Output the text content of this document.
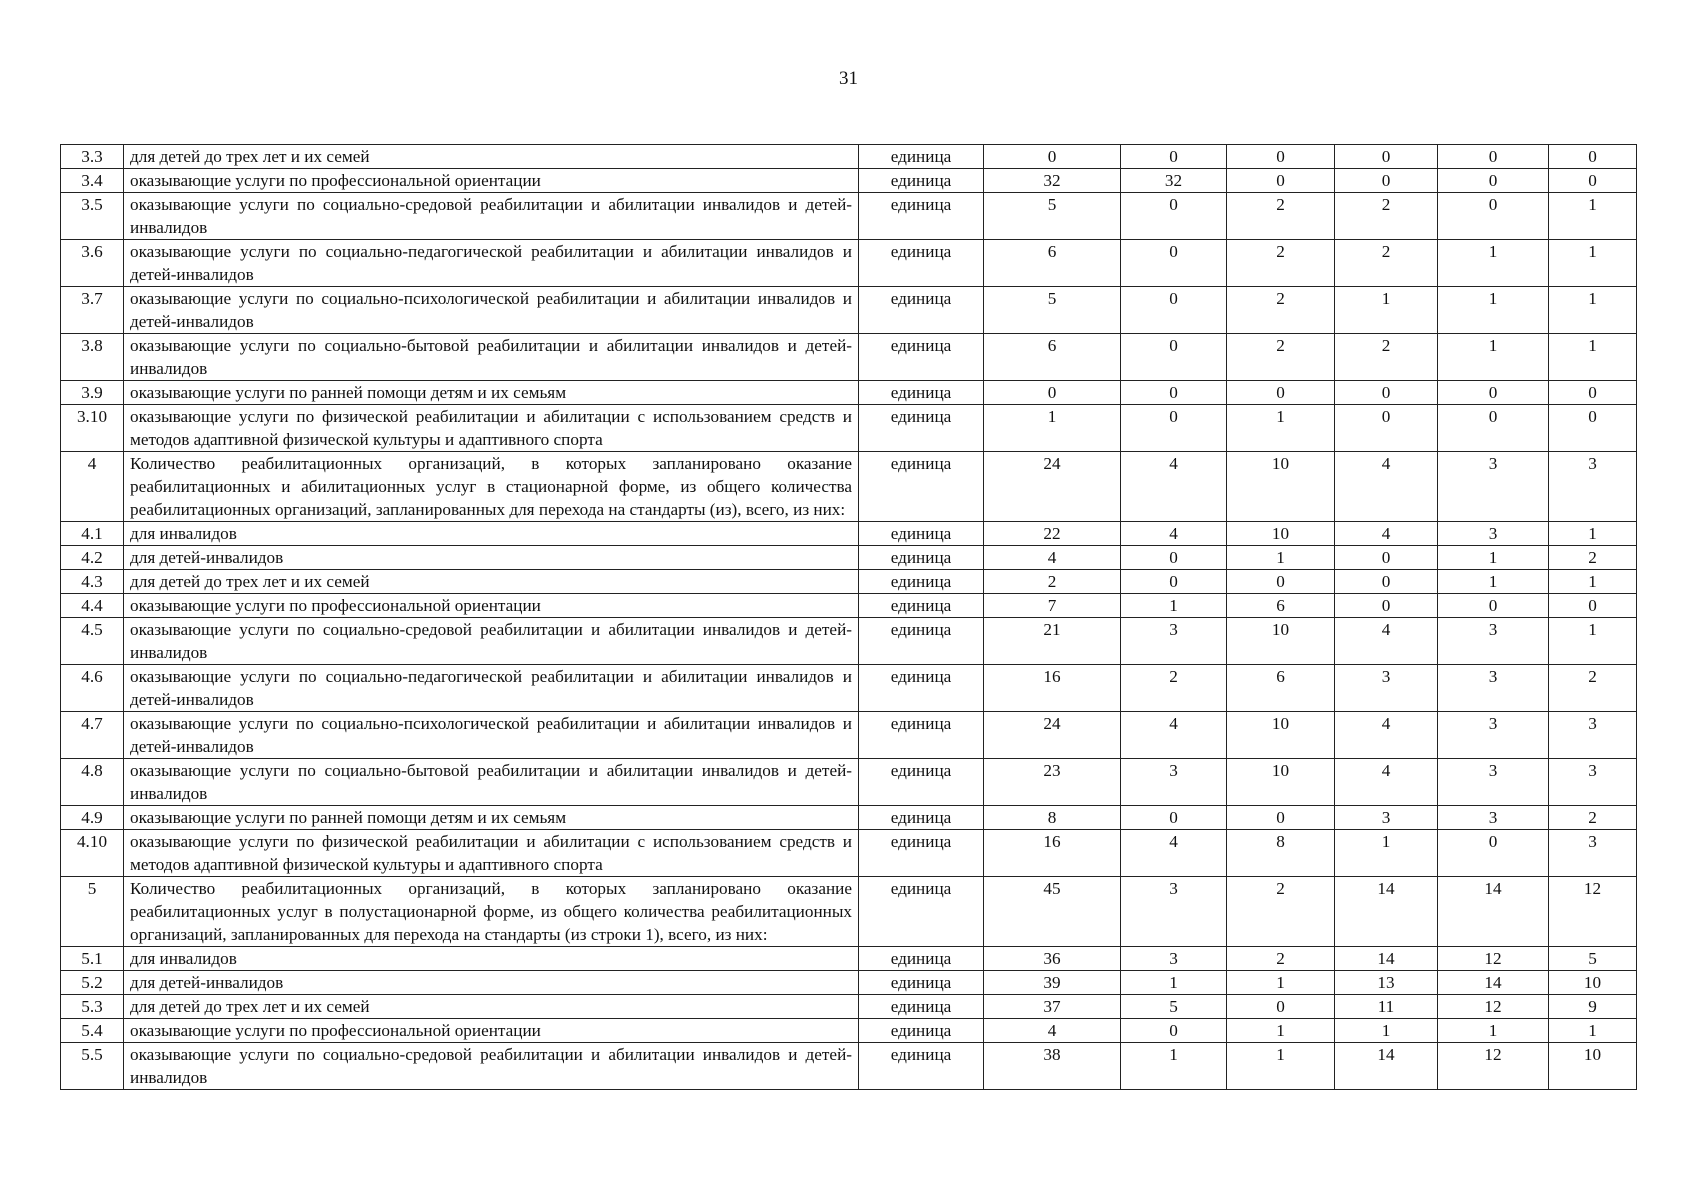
31
3.3	для детей до трех лет и их семей	единица	0	0	0	0	0	0
3.4	оказывающие услуги по профессиональной ориентации	единица	32	32	0	0	0	0
3.5	оказывающие услуги по социально-средовой реабилитации и абилитации инвалидов и детей-инвалидов	единица	5	0	2	2	0	1
3.6	оказывающие услуги по социально-педагогической реабилитации и абилитации инвалидов и детей-инвалидов	единица	6	0	2	2	1	1
3.7	оказывающие услуги по социально-психологической реабилитации и абилитации инвалидов и детей-инвалидов	единица	5	0	2	1	1	1
3.8	оказывающие услуги по социально-бытовой реабилитации и абилитации инвалидов и детей-инвалидов	единица	6	0	2	2	1	1
3.9	оказывающие услуги по ранней помощи детям и их семьям	единица	0	0	0	0	0	0
3.10	оказывающие услуги по физической реабилитации и абилитации с использованием средств и методов адаптивной физической культуры и адаптивного спорта	единица	1	0	1	0	0	0
4	Количество реабилитационных организаций, в которых запланировано оказание реабилитационных и абилитационных услуг в стационарной форме, из общего количества реабилитационных организаций, запланированных для перехода на стандарты (из), всего, из них:	единица	24	4	10	4	3	3
4.1	для инвалидов	единица	22	4	10	4	3	1
4.2	для детей-инвалидов	единица	4	0	1	0	1	2
4.3	для детей до трех лет и их семей	единица	2	0	0	0	1	1
4.4	оказывающие услуги по профессиональной ориентации	единица	7	1	6	0	0	0
4.5	оказывающие услуги по социально-средовой реабилитации и абилитации инвалидов и детей-инвалидов	единица	21	3	10	4	3	1
4.6	оказывающие услуги по социально-педагогической реабилитации и абилитации инвалидов и детей-инвалидов	единица	16	2	6	3	3	2
4.7	оказывающие услуги по социально-психологической реабилитации и абилитации инвалидов и детей-инвалидов	единица	24	4	10	4	3	3
4.8	оказывающие услуги по социально-бытовой реабилитации и абилитации инвалидов и детей-инвалидов	единица	23	3	10	4	3	3
4.9	оказывающие услуги по ранней помощи детям и их семьям	единица	8	0	0	3	3	2
4.10	оказывающие услуги по физической реабилитации и абилитации с использованием средств и методов адаптивной физической культуры и адаптивного спорта	единица	16	4	8	1	0	3
5	Количество реабилитационных организаций, в которых запланировано оказание реабилитационных услуг в полустационарной форме, из общего количества реабилитационных организаций, запланированных для перехода на стандарты (из строки 1), всего, из них:	единица	45	3	2	14	14	12
5.1	для инвалидов	единица	36	3	2	14	12	5
5.2	для детей-инвалидов	единица	39	1	1	13	14	10
5.3	для детей до трех лет и их семей	единица	37	5	0	11	12	9
5.4	оказывающие услуги по профессиональной ориентации	единица	4	0	1	1	1	1
5.5	оказывающие услуги по социально-средовой реабилитации и абилитации инвалидов и детей-инвалидов	единица	38	1	1	14	12	10
